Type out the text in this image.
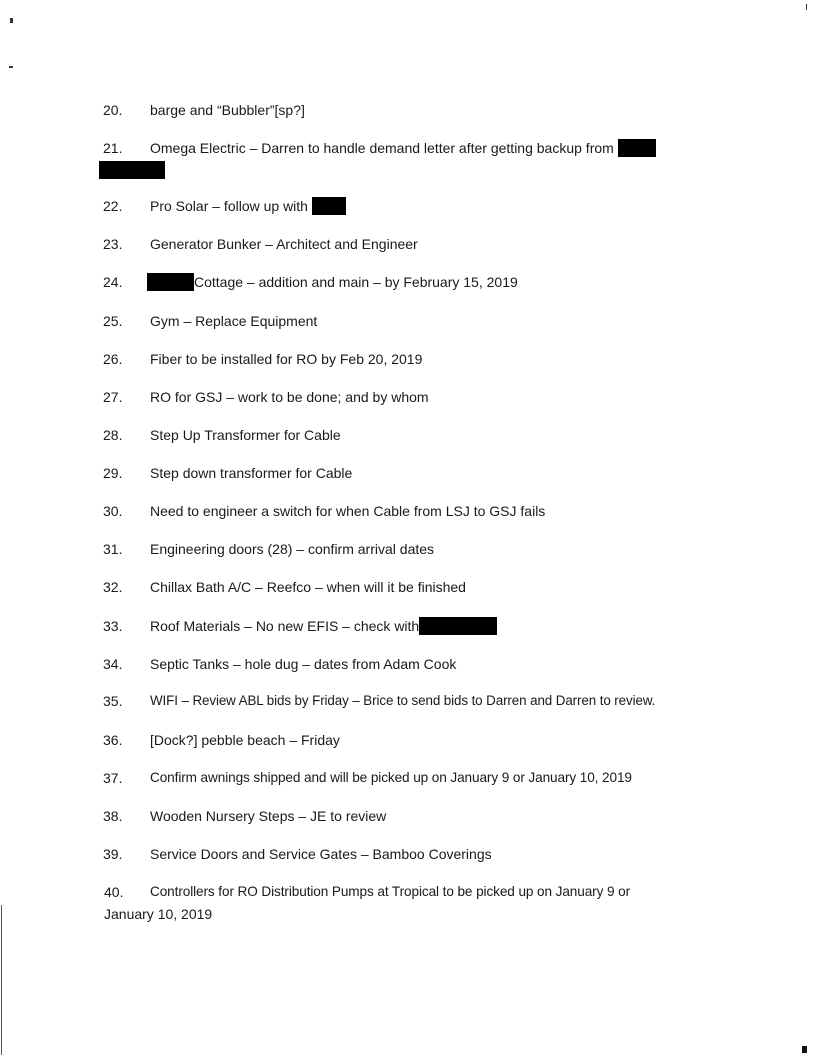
20. barge and “Bubbler”[sp?]
21. Omega Electric – Darren to handle demand letter after getting backup from
22. Pro Solar – follow up with
23. Generator Bunker – Architect and Engineer
24.	Cottage – addition and main – by February 15, 2019
25. Gym – Replace Equipment
26. Fiber to be installed for RO by Feb 20, 2019
27. RO for GSJ – work to be done; and by whom
28. Step Up Transformer for Cable
29. Step down transformer for Cable
30. Need to engineer a switch for when Cable from LSJ to GSJ fails
31. Engineering doors (28) – confirm arrival dates
32. Chillax Bath A/C – Reefco – when will it be finished
33. Roof Materials – No new EFIS – check with
34. Septic Tanks – hole dug – dates from Adam Cook
35. WIFI – Review ABL bids by Friday – Brice to send bids to Darren and Darren to review.
36. [Dock?] pebble beach – Friday
37. Confirm awnings shipped and will be picked up on January 9 or January 10, 2019
38. Wooden Nursery Steps – JE to review
39. Service Doors and Service Gates – Bamboo Coverings
40. Controllers for RO Distribution Pumps at Tropical to be picked up on January 9 or
January 10, 2019
